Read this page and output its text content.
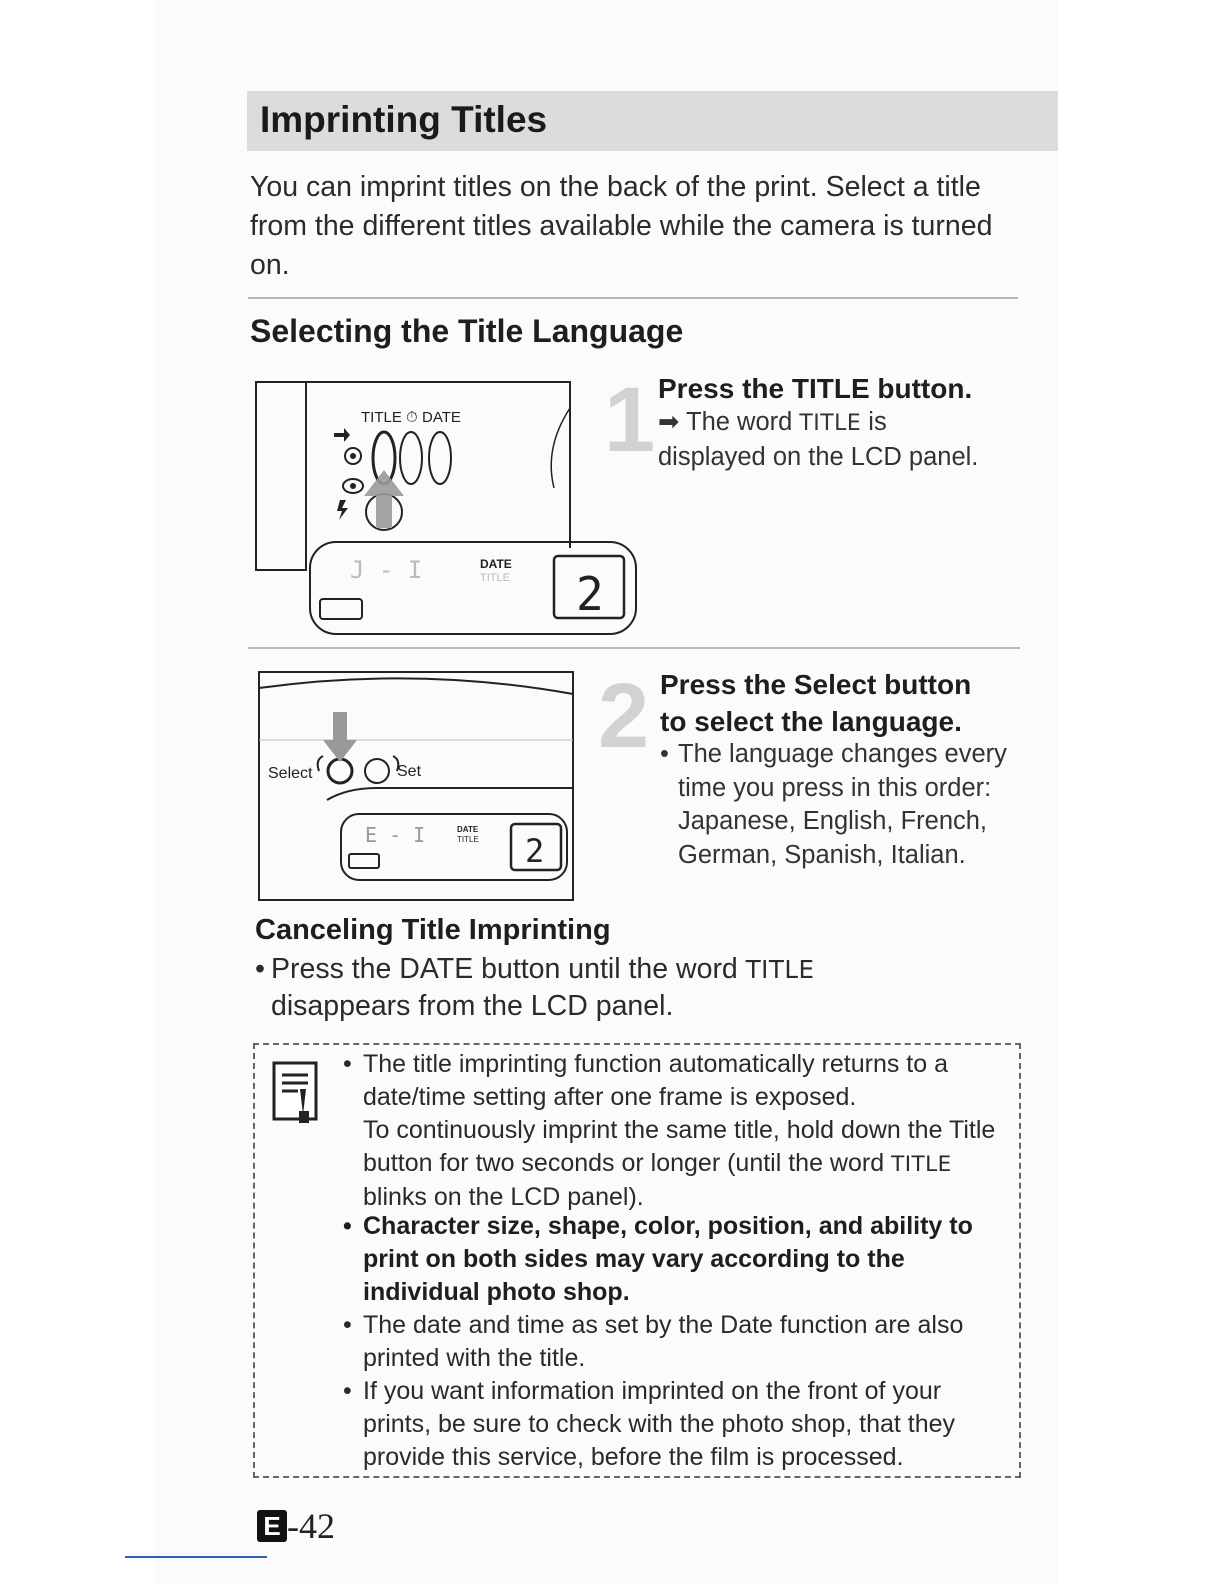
Imprinting Titles
You can imprint titles on the back of the print. Select a title from the different titles available while the camera is turned on.
Selecting the Title Language
TITLE ⏱ DATE
J - I	DATE
TITLE 2
1 Press the TITLE button.
➡ The word TITLE is displayed on the LCD panel.
Select	Set
E - I	DATE
TITLE 2
2 Press the Select button
to select the language.
• The language changes every time you press in this order: Japanese, English, French, German, Spanish, Italian.
Canceling Title Imprinting
• Press the DATE button until the word TITLE disappears from the LCD panel.
• The title imprinting function automatically returns to a date/time setting after one frame is exposed.
To continuously imprint the same title, hold down the Title button for two seconds or longer (until the word TITLE blinks on the LCD panel).
• Character size, shape, color, position, and ability to print on both sides may vary according to the individual photo shop.
• The date and time as set by the Date function are also printed with the title.
• If you want information imprinted on the front of your prints, be sure to check with the photo shop, that they provide this service, before the film is processed.
E -42
